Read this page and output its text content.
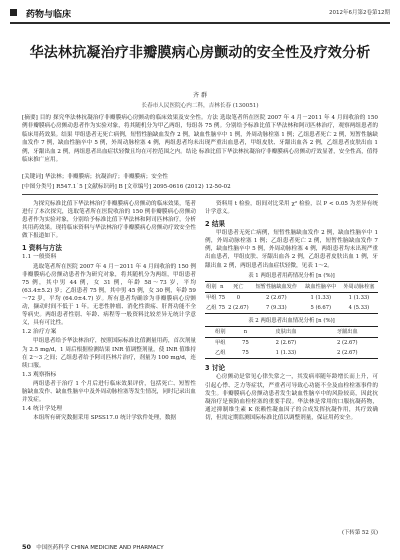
药物与临床	2012年6月第2卷第12期
华法林抗凝治疗非瓣膜病心房颤动的安全性及疗效分析
齐 群
长春市人民医院心内二科，吉林长春 (130051)
[摘要] 目的 探究华法林抗凝治疗非瓣膜病心房颤动的临床效果及安全性。方法 选取笔者所在医院 2007 年 4 月－2011 年 4 月间收治的 150 例非瓣膜病心房颤动患者作为实验对象，将其随机分为甲乙两组，每组各 75 例。分别给予标准比值下华法林和阿司匹林治疗，观察两组患者的临床用药效果。结果 甲组患者无死亡病例，短暂性脑缺血发作 2 例，缺血性脑卒中 1 例，外周动脉栓塞 1 例；乙组患者死亡 2 例，短暂性脑缺血发作 7 例，缺血性脑卒中 5 例，外周动脉栓塞 4 例，两组患者均未出现严重出血患者，甲组皮肤、牙龈出血各 2 例，乙组患者皮肤出血 1 例，牙龈出血 2 例，两组患者出血症状轻微且均在可控范围之内。结论 标准比值下华法林抗凝治疗非瓣膜病心房颤动疗效显著，安全性高，值得临床推广应用。
[关键词] 华法林；非瓣膜病；抗凝治疗；非瓣膜病；安全性
[中图分类号] R547.1˙5 [文献标识码] B [文章编号] 2095-0616 (2012) 12-50-02

为探究标准比值下华法林治疗非瓣膜病心房颤动的临床效果，笔者进行了本次探究，选取笔者所在医院收治的 150 例非瓣膜病心房颤动患者作为实验对象，分别给予标准比值下华法林和阿司匹林治疗，分析其用药效果。现将临床资料与华法林治疗非瓣膜病心房颤动疗效安全性做下报道如下。

1 资料与方法
1.1 一般资料

选取笔者所在医院 2007 年 4 月－2011 年 4 月间收治的 150 例非瓣膜病心房颤动患者作为研究对象，将其随机分为两组，甲组患者 75 例，其中男 44 例，女 31 例，年龄 58～73 岁，平均 (63.4±5.2) 岁；乙组患者 75 例，其中男 45 例，女 30 例，年龄 59～72 岁，平均 (64.0±4.7) 岁。所有患者均确诊为非瓣膜病心房颤动，撷动时间不低于 1 年。无恶性肿瘤、消化性溃疡、肝肾功能不全等病史。两组患者性别、年龄、病程等一般资料比较差异无统计学意义，具有可比性。

1.2 治疗方案

甲组患者给予华法林治疗，按照国际标准比值测量用药，首次剂量为 2.5 mg/d，1 周后根据检测结果 INR 值调整剂量，使 INR 值维持在 2～3 之间；乙组患者给予阿司匹林片治疗，剂量为 100 mg/d，连续口服。

1.3 观察指标

两组患者于治疗 1 个月后进行临床效果评价，包括死亡、短暂性脑缺血发作、缺血性脑卒中及外周动脉栓塞等发生情况，同时记录出血并发症。

1.4 统计学处理

本组所有研究数据采用 SPSS17.0 统计学软件处理，数据

资料用 t 检验，组间对比采用 χ² 检验，以 P < 0.05 为差异有统计学意义。

2 结果

甲组患者无死亡病例，短暂性脑缺血发作 2 例，缺血性脑卒中 1 例，外周动脉栓塞 1 例；乙组患者死亡 2 例，短暂性脑缺血发作 7 例，缺血性脑卒中 5 例，外周动脉栓塞 4 例，两组患者均未出现严重出血患者，甲组皮肤、牙龈出血各 2 例，乙组患者皮肤出血 1 例，牙龈出血 2 例，两组患者出血症状轻微，见表 1～2。

表 1 两组患者用药情况分析 [n (%)]
组别	n	死亡	短暂性脑缺血发作	缺血性脑卒中	外周动脉栓塞
甲组	75	0	2 (2.67)	1 (1.33)	1 (1.33)
乙组	75	2 (2.67)	7 (9.33)	5 (6.67)	4 (5.33)
表 2 两组患者出血情况分析 [n (%)]
组别	n	皮肤出血	牙龈出血
甲组	75	2 (2.67)	2 (2.67)
乙组	75	1 (1.33)	2 (2.67)
3 讨论

心房颤动是常见心律失常之一，其发病率随年龄增长而上升，可引起心悸、乏力等症状，严重者可导致心功能不全及血栓栓塞事件的发生。非瓣膜病心房颤动患者发生缺血性脑卒中的风险较高，因此抗凝治疗是预防血栓栓塞的重要手段。华法林是常用的口服抗凝药物，通过抑制维生素 K 依赖性凝血因子的合成发挥抗凝作用，其疗效确切，但需定期监测国际标准比值以调整剂量，保证用药安全。

(下转第 52 页)
50 中国医药科学 CHINA MEDICINE AND PHARMACY
